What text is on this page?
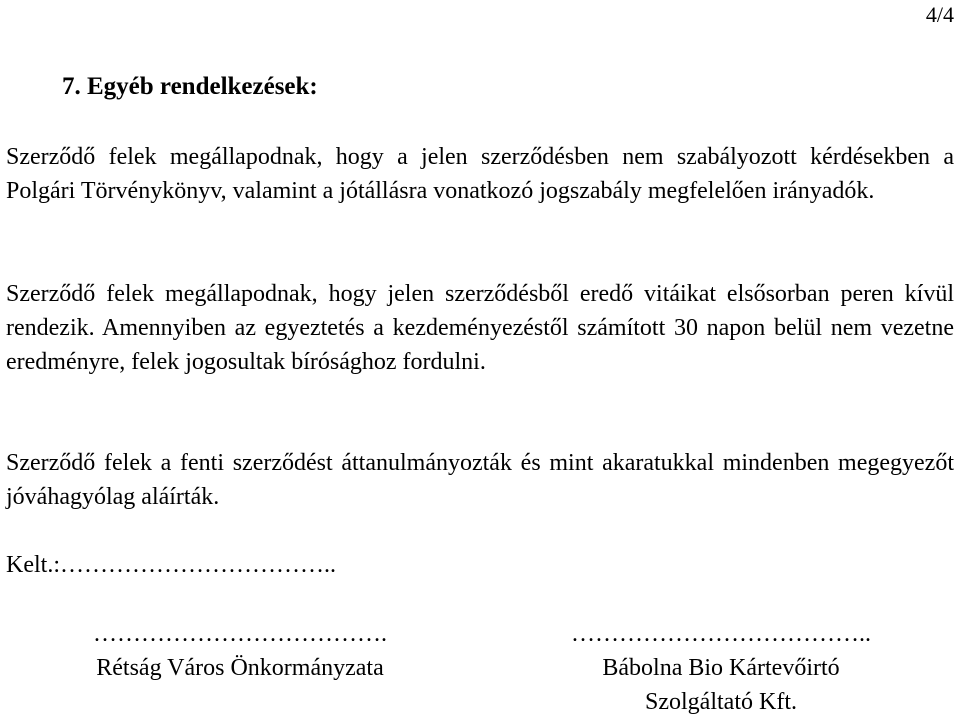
4/4
7. Egyéb rendelkezések:
Szerződő felek megállapodnak, hogy a jelen szerződésben nem szabályozott kérdésekben a Polgári Törvénykönyv, valamint a jótállásra vonatkozó jogszabály megfelelően irányadók.
Szerződő felek megállapodnak, hogy jelen szerződésből eredő vitáikat elsősorban peren kívül rendezik. Amennyiben az egyeztetés a kezdeményezéstől számított 30 napon belül nem vezetne eredményre, felek jogosultak bírósághoz fordulni.
Szerződő felek a fenti szerződést áttanulmányozták és mint akaratukkal mindenben megegyezőt jóváhagyólag aláírták.
Kelt.:……………………………..
……………………………….
Rétság Város Önkormányzata
………………………………..
Bábolna Bio Kártevőirtó
Szolgáltató Kft.
